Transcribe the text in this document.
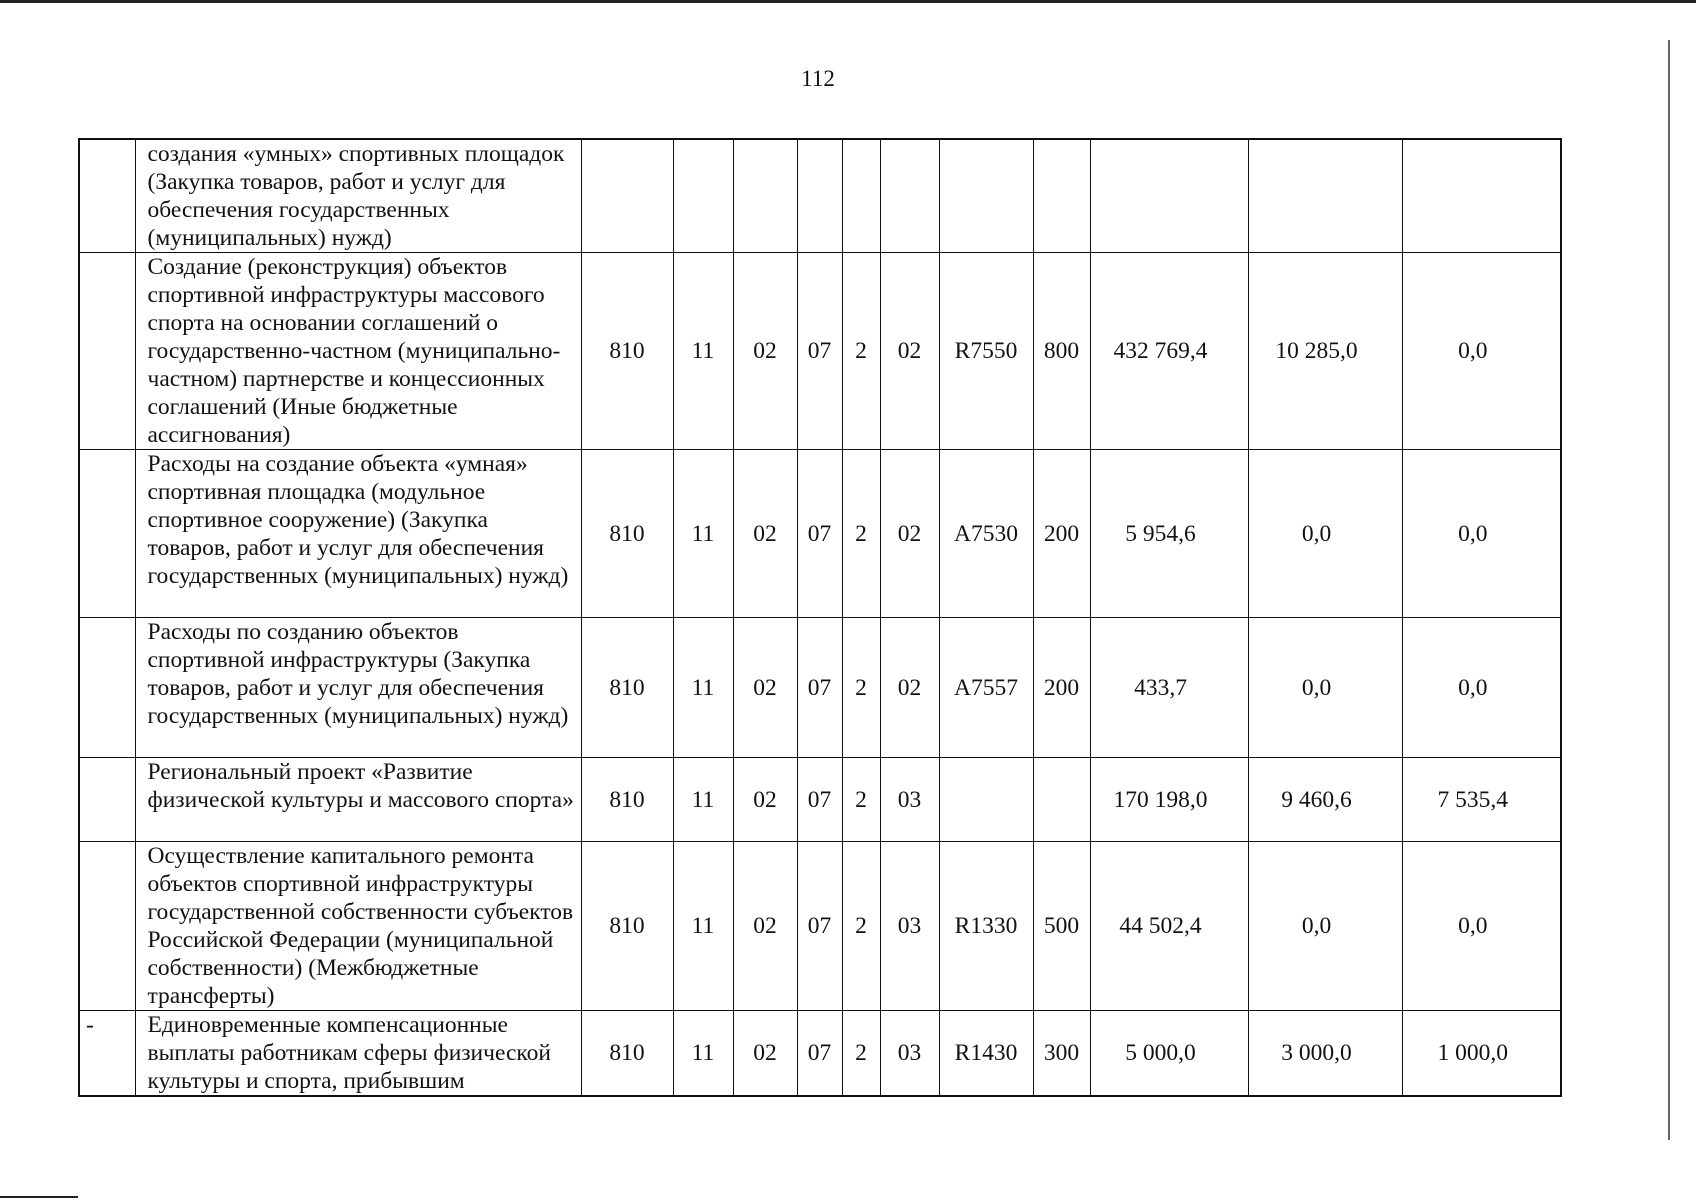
112
	создания «умных» спортивных площадок (Закупка товаров, работ и услуг для обеспечения государственных (муниципальных) нужд)											
	Создание (реконструкция) объектов спортивной инфраструктуры массового спорта на основании соглашений о государственно-частном (муниципально-частном) партнерстве и концессионных соглашений (Иные бюджетные ассигнования)	810	11	02	07	2	02	R7550	800	432 769,4	10 285,0	0,0
	Расходы на создание объекта «умная» спортивная площадка (модульное спортивное сооружение) (Закупка товаров, работ и услуг для обеспечения государственных (муниципальных) нужд)	810	11	02	07	2	02	А7530	200	5 954,6	0,0	0,0
	Расходы по созданию объектов спортивной инфраструктуры (Закупка товаров, работ и услуг для обеспечения государственных (муниципальных) нужд)	810	11	02	07	2	02	А7557	200	433,7	0,0	0,0
	Региональный проект «Развитие физической культуры и массового спорта»	810	11	02	07	2	03			170 198,0	9 460,6	7 535,4
	Осуществление капитального ремонта объектов спортивной инфраструктуры государственной собственности субъектов Российской Федерации (муниципальной собственности) (Межбюджетные трансферты)	810	11	02	07	2	03	R1330	500	44 502,4	0,0	0,0
-	Единовременные компенсационные выплаты работникам сферы физической культуры и спорта, прибывшим	810	11	02	07	2	03	R1430	300	5 000,0	3 000,0	1 000,0
